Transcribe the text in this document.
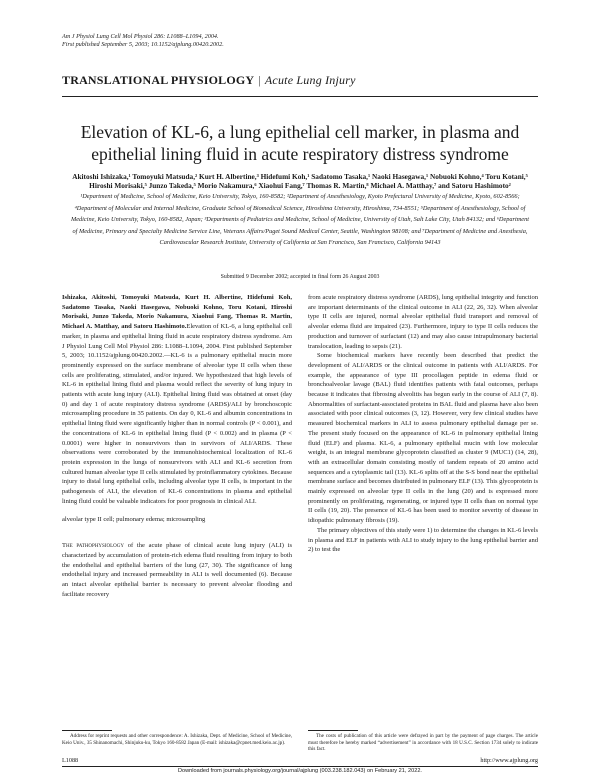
Am J Physiol Lung Cell Mol Physiol 286: L1088–L1094, 2004.
First published September 5, 2003; 10.1152/ajplung.00420.2002.
TRANSLATIONAL PHYSIOLOGY | Acute Lung Injury
Elevation of KL-6, a lung epithelial cell marker, in plasma and epithelial lining fluid in acute respiratory distress syndrome
Akitoshi Ishizaka,¹ Tomoyuki Matsuda,² Kurt H. Albertine,³ Hidefumi Koh,¹ Sadatomo Tasaka,¹ Naoki Hasegawa,¹ Nobuoki Kohno,⁴ Toru Kotani,⁵ Hiroshi Morisaki,⁵ Junzo Takeda,⁵ Morio Nakamura,⁶ Xiaohui Fang,⁷ Thomas R. Martin,⁸ Michael A. Matthay,⁷ and Satoru Hashimoto²
¹Department of Medicine, School of Medicine, Keio University, Tokyo, 160-8582; ²Department of Anesthesiology, Kyoto Prefectural University of Medicine, Kyoto, 602-8566; ⁴Department of Molecular and Internal Medicine, Graduate School of Biomedical Science, Hiroshima University, Hiroshima, 734-8551; ⁵Department of Anesthesiology, School of Medicine, Keio University, Tokyo, 160-8582, Japan; ³Departments of Pediatrics and Medicine, School of Medicine, University of Utah, Salt Lake City, Utah 84132; and ⁶Department of Medicine, Primary and Specialty Medicine Service Line, Veterans Affairs/Puget Sound Medical Center, Seattle, Washington 98108; and ⁷Department of Medicine and Anesthesia, Cardiovascular Research Institute, University of California at San Francisco, San Francisco, California 94143
Submitted 9 December 2002; accepted in final form 26 August 2003

Ishizaka, Akitoshi, Tomoyuki Matsuda, Kurt H. Albertine, Hidefumi Koh, Sadatomo Tasaka, Naoki Hasegawa, Nobuoki Kohno, Toru Kotani, Hiroshi Morisaki, Junzo Takeda, Morio Nakamura, Xiaohui Fang, Thomas R. Martin, Michael A. Matthay, and Satoru Hashimoto.Elevation of KL-6, a lung epithelial cell marker, in plasma and epithelial lining fluid in acute respiratory distress syndrome. Am J Physiol Lung Cell Mol Physiol 286: L1088–L1094, 2004. First published September 5, 2003; 10.1152/ajplung.00420.2002.—KL-6 is a pulmonary epithelial mucin more prominently expressed on the surface membrane of alveolar type II cells when these cells are proliferating, stimulated, and/or injured. We hypothesized that high levels of KL-6 in epithelial lining fluid and plasma would reflect the severity of lung injury in patients with acute lung injury (ALI). Epithelial lining fluid was obtained at onset (day 0) and day 1 of acute respiratory distress syndrome (ARDS)/ALI by bronchoscopic microsampling procedure in 35 patients. On day 0, KL-6 and albumin concentrations in epithelial lining fluid were significantly higher than in normal controls (P < 0.001), and the concentrations of KL-6 in epithelial lining fluid (P < 0.002) and in plasma (P < 0.0001) were higher in nonsurvivors than in survivors of ALI/ARDS. These observations were corroborated by the immunohistochemical localization of KL-6 protein expression in the lungs of nonsurvivors with ALI and KL-6 secretion from cultured human alveolar type II cells stimulated by proinflammatory cytokines. Because injury to distal lung epithelial cells, including alveolar type II cells, is important in the pathogenesis of ALI, the elevation of KL-6 concentrations in plasma and epithelial lining fluid could be valuable indicators for poor prognosis in clinical ALI.

alveolar type II cell; pulmonary edema; microsampling

The pathophysiology of the acute phase of clinical acute lung injury (ALI) is characterized by accumulation of protein-rich edema fluid resulting from injury to both the endothelial and epithelial barriers of the lung (27, 30). The significance of lung endothelial injury and increased permeability in ALI is well documented (6). Because an intact alveolar epithelial barrier is necessary to prevent alveolar flooding and facilitate recovery

from acute respiratory distress syndrome (ARDS), lung epithelial integrity and function are important determinants of the clinical outcome in ALI (22, 26, 32). When alveolar type II cells are injured, normal alveolar epithelial fluid transport and removal of alveolar edema fluid are impaired (23). Furthermore, injury to type II cells reduces the production and turnover of surfactant (12) and may also cause intrapulmonary bacterial translocation, leading to sepsis (21).

Some biochemical markers have recently been described that predict the development of ALI/ARDS or the clinical outcome in patients with ALI/ARDS. For example, the appearance of type III procollagen peptide in edema fluid or bronchoalveolar lavage (BAL) fluid identifies patients with fatal outcomes, perhaps because it indicates that fibrosing alveolitis has begun early in the course of ALI (7, 8). Abnormalities of surfactant-associated proteins in BAL fluid and plasma have also been associated with poor clinical outcomes (3, 12). However, very few clinical studies have measured biochemical markers in ALI to assess pulmonary epithelial damage per se. The present study focused on the appearance of KL-6 in pulmonary epithelial lining fluid (ELF) and plasma. KL-6, a pulmonary epithelial mucin with low molecular weight, is an integral membrane glycoprotein classified as cluster 9 (MUC1) (14, 28), with an extracellular domain consisting mostly of tandem repeats of 20 amino acid sequences and a cytoplasmic tail (13). KL-6 splits off at the S-S bond near the epithelial membrane surface and becomes distributed in pulmonary ELF (13). This glycoprotein is mainly expressed on alveolar type II cells in the lung (20) and is expressed more prominently on proliferating, regenerating, or injured type II cells than on normal type II cells (19, 20). The presence of KL-6 has been used to monitor severity of disease in idiopathic pulmonary fibrosis (19).

The primary objectives of this study were 1) to determine the changes in KL-6 levels in plasma and ELF in patients with ALI to study injury to the lung epithelial barrier and 2) to test the

Address for reprint requests and other correspondence: A. Ishizaka, Dept. of Medicine, School of Medicine, Keio Univ., 35 Shinanomachi, Shinjuku-ku, Tokyo 160-8582 Japan (E-mail: ishizaka@cpnet.med.keio.ac.jp).
The costs of publication of this article were defrayed in part by the payment of page charges. The article must therefore be hereby marked “advertisement” in accordance with 18 U.S.C. Section 1734 solely to indicate this fact.
L1088	http://www.ajplung.org
Downloaded from journals.physiology.org/journal/ajplung (003.238.182.043) on February 21, 2022.
